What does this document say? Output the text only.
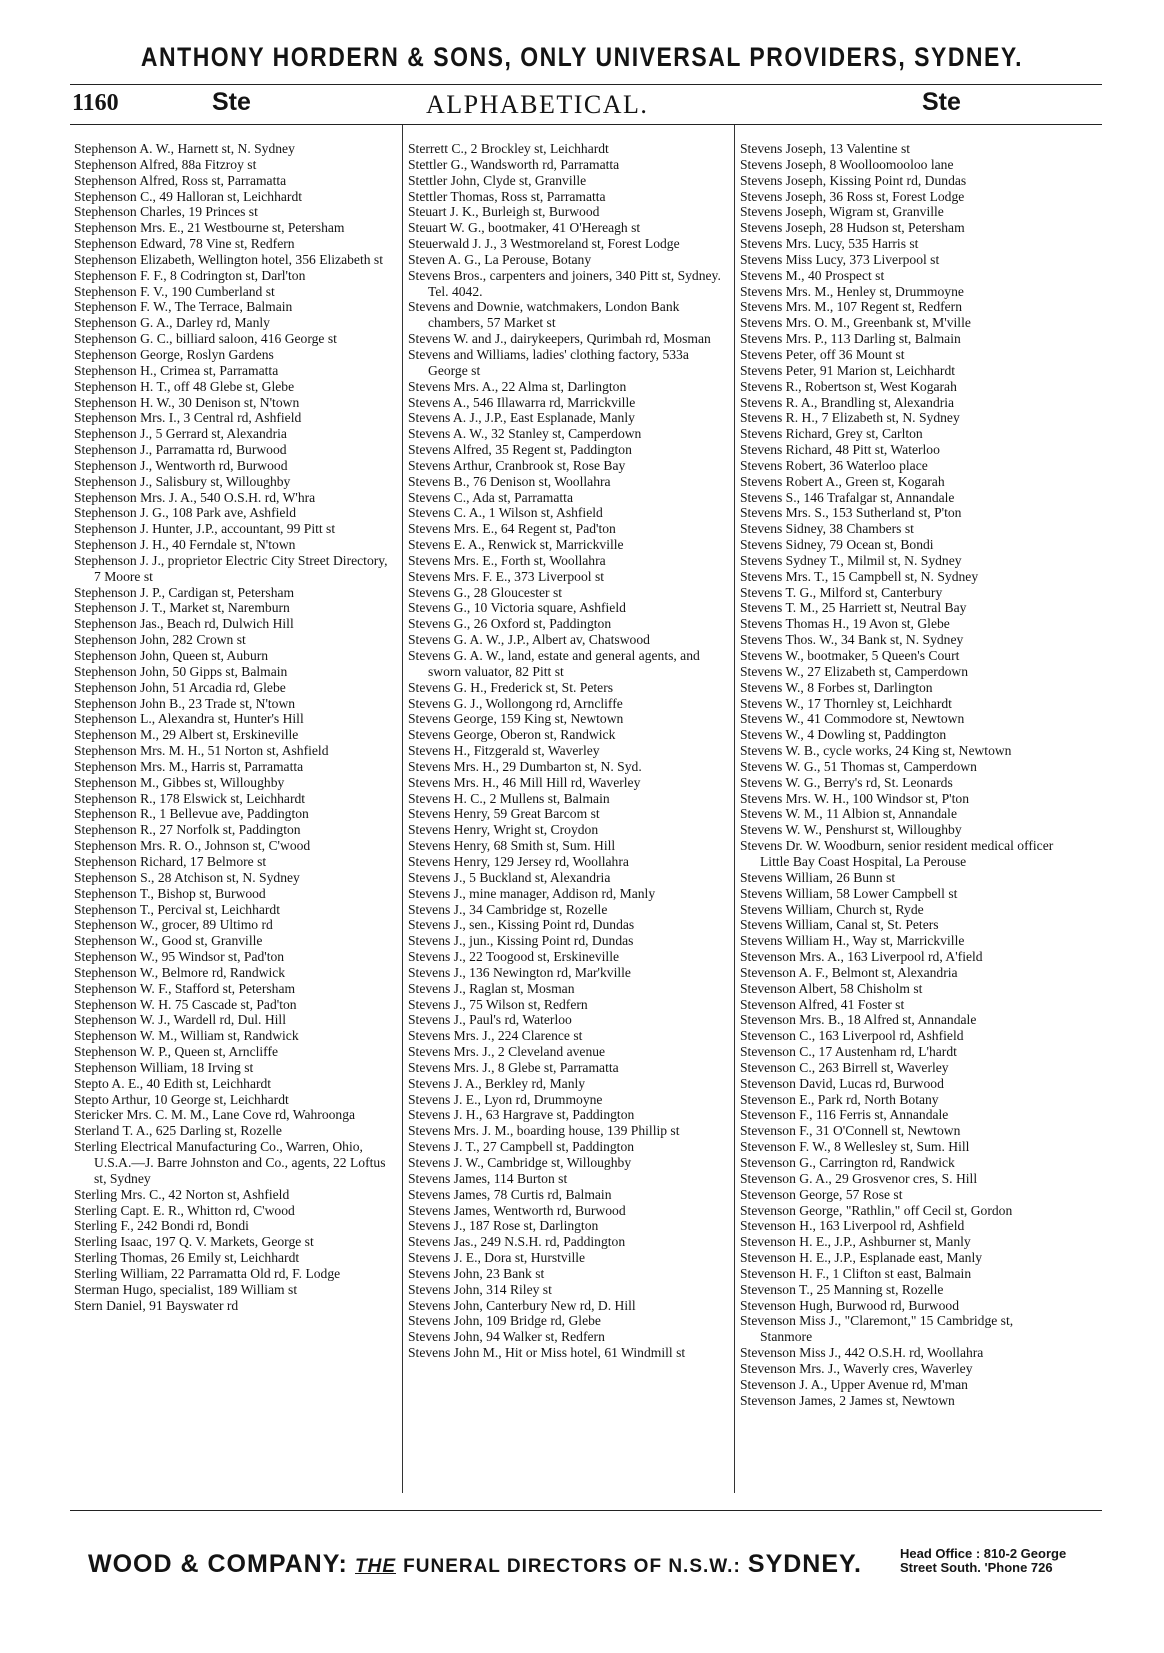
ANTHONY HORDERN & SONS, ONLY UNIVERSAL PROVIDERS, SYDNEY.
1160	Ste	ALPHABETICAL.	Ste
Stephenson A. W., Harnett st, N. Sydney
Stephenson Alfred, 88a Fitzroy st
Stephenson Alfred, Ross st, Parramatta
Stephenson C., 49 Halloran st, Leichhardt
Stephenson Charles, 19 Princes st
Stephenson Mrs. E., 21 Westbourne st, Petersham
Stephenson Edward, 78 Vine st, Redfern
Stephenson Elizabeth, Wellington hotel, 356 Elizabeth st
Stephenson F. F., 8 Codrington st, Darl'ton
Stephenson F. V., 190 Cumberland st
Stephenson F. W., The Terrace, Balmain
Stephenson G. A., Darley rd, Manly
Stephenson G. C., billiard saloon, 416 George st
Stephenson George, Roslyn Gardens
Stephenson H., Crimea st, Parramatta
Stephenson H. T., off 48 Glebe st, Glebe
Stephenson H. W., 30 Denison st, N'town
Stephenson Mrs. I., 3 Central rd, Ashfield
Stephenson J., 5 Gerrard st, Alexandria
Stephenson J., Parramatta rd, Burwood
Stephenson J., Wentworth rd, Burwood
Stephenson J., Salisbury st, Willoughby
Stephenson Mrs. J. A., 540 O.S.H. rd, W'hra
Stephenson J. G., 108 Park ave, Ashfield
Stephenson J. Hunter, J.P., accountant, 99 Pitt st
Stephenson J. H., 40 Ferndale st, N'town
Stephenson J. J., proprietor Electric City Street Directory, 7 Moore st
Stephenson J. P., Cardigan st, Petersham
Stephenson J. T., Market st, Naremburn
Stephenson Jas., Beach rd, Dulwich Hill
Stephenson John, 282 Crown st
Stephenson John, Queen st, Auburn
Stephenson John, 50 Gipps st, Balmain
Stephenson John, 51 Arcadia rd, Glebe
Stephenson John B., 23 Trade st, N'town
Stephenson L., Alexandra st, Hunter's Hill
Stephenson M., 29 Albert st, Erskineville
Stephenson Mrs. M. H., 51 Norton st, Ashfield
Stephenson Mrs. M., Harris st, Parramatta
Stephenson M., Gibbes st, Willoughby
Stephenson R., 178 Elswick st, Leichhardt
Stephenson R., 1 Bellevue ave, Paddington
Stephenson R., 27 Norfolk st, Paddington
Stephenson Mrs. R. O., Johnson st, C'wood
Stephenson Richard, 17 Belmore st
Stephenson S., 28 Atchison st, N. Sydney
Stephenson T., Bishop st, Burwood
Stephenson T., Percival st, Leichhardt
Stephenson W., grocer, 89 Ultimo rd
Stephenson W., Good st, Granville
Stephenson W., 95 Windsor st, Pad'ton
Stephenson W., Belmore rd, Randwick
Stephenson W. F., Stafford st, Petersham
Stephenson W. H. 75 Cascade st, Pad'ton
Stephenson W. J., Wardell rd, Dul. Hill
Stephenson W. M., William st, Randwick
Stephenson W. P., Queen st, Arncliffe
Stephenson William, 18 Irving st
Stepto A. E., 40 Edith st, Leichhardt
Stepto Arthur, 10 George st, Leichhardt
Stericker Mrs. C. M. M., Lane Cove rd, Wahroonga
Sterland T. A., 625 Darling st, Rozelle
Sterling Electrical Manufacturing Co., Warren, Ohio, U.S.A.—J. Barre Johnston and Co., agents, 22 Loftus st, Sydney
Sterling Mrs. C., 42 Norton st, Ashfield
Sterling Capt. E. R., Whitton rd, C'wood
Sterling F., 242 Bondi rd, Bondi
Sterling Isaac, 197 Q. V. Markets, George st
Sterling Thomas, 26 Emily st, Leichhardt
Sterling William, 22 Parramatta Old rd, F. Lodge
Sterman Hugo, specialist, 189 William st
Stern Daniel, 91 Bayswater rd
Sterrett C., 2 Brockley st, Leichhardt
Stettler G., Wandsworth rd, Parramatta
Stettler John, Clyde st, Granville
Stettler Thomas, Ross st, Parramatta
Steuart J. K., Burleigh st, Burwood
Steuart W. G., bootmaker, 41 O'Hereagh st
Steuerwald J. J., 3 Westmoreland st, Forest Lodge
Steven A. G., La Perouse, Botany
Stevens Bros., carpenters and joiners, 340 Pitt st, Sydney. Tel. 4042.
Stevens and Downie, watchmakers, London Bank chambers, 57 Market st
Stevens W. and J., dairykeepers, Qurimbah rd, Mosman
Stevens and Williams, ladies' clothing factory, 533a George st
Stevens Mrs. A., 22 Alma st, Darlington
Stevens A., 546 Illawarra rd, Marrickville
Stevens A. J., J.P., East Esplanade, Manly
Stevens A. W., 32 Stanley st, Camperdown
Stevens Alfred, 35 Regent st, Paddington
Stevens Arthur, Cranbrook st, Rose Bay
Stevens B., 76 Denison st, Woollahra
Stevens C., Ada st, Parramatta
Stevens C. A., 1 Wilson st, Ashfield
Stevens Mrs. E., 64 Regent st, Pad'ton
Stevens E. A., Renwick st, Marrickville
Stevens Mrs. E., Forth st, Woollahra
Stevens Mrs. F. E., 373 Liverpool st
Stevens G., 28 Gloucester st
Stevens G., 10 Victoria square, Ashfield
Stevens G., 26 Oxford st, Paddington
Stevens G. A. W., J.P., Albert av, Chatswood
Stevens G. A. W., land, estate and general agents, and sworn valuator, 82 Pitt st
Stevens G. H., Frederick st, St. Peters
Stevens G. J., Wollongong rd, Arncliffe
Stevens George, 159 King st, Newtown
Stevens George, Oberon st, Randwick
Stevens H., Fitzgerald st, Waverley
Stevens Mrs. H., 29 Dumbarton st, N. Syd.
Stevens Mrs. H., 46 Mill Hill rd, Waverley
Stevens H. C., 2 Mullens st, Balmain
Stevens Henry, 59 Great Barcom st
Stevens Henry, Wright st, Croydon
Stevens Henry, 68 Smith st, Sum. Hill
Stevens Henry, 129 Jersey rd, Woollahra
Stevens J., 5 Buckland st, Alexandria
Stevens J., mine manager, Addison rd, Manly
Stevens J., 34 Cambridge st, Rozelle
Stevens J., sen., Kissing Point rd, Dundas
Stevens J., jun., Kissing Point rd, Dundas
Stevens J., 22 Toogood st, Erskineville
Stevens J., 136 Newington rd, Mar'kville
Stevens J., Raglan st, Mosman
Stevens J., 75 Wilson st, Redfern
Stevens J., Paul's rd, Waterloo
Stevens Mrs. J., 224 Clarence st
Stevens Mrs. J., 2 Cleveland avenue
Stevens Mrs. J., 8 Glebe st, Parramatta
Stevens J. A., Berkley rd, Manly
Stevens J. E., Lyon rd, Drummoyne
Stevens J. H., 63 Hargrave st, Paddington
Stevens Mrs. J. M., boarding house, 139 Phillip st
Stevens J. T., 27 Campbell st, Paddington
Stevens J. W., Cambridge st, Willoughby
Stevens James, 114 Burton st
Stevens James, 78 Curtis rd, Balmain
Stevens James, Wentworth rd, Burwood
Stevens J., 187 Rose st, Darlington
Stevens Jas., 249 N.S.H. rd, Paddington
Stevens J. E., Dora st, Hurstville
Stevens John, 23 Bank st
Stevens John, 314 Riley st
Stevens John, Canterbury New rd, D. Hill
Stevens John, 109 Bridge rd, Glebe
Stevens John, 94 Walker st, Redfern
Stevens John M., Hit or Miss hotel, 61 Windmill st
Stevens Joseph, 13 Valentine st
Stevens Joseph, 8 Woolloomooloo lane
Stevens Joseph, Kissing Point rd, Dundas
Stevens Joseph, 36 Ross st, Forest Lodge
Stevens Joseph, Wigram st, Granville
Stevens Joseph, 28 Hudson st, Petersham
Stevens Mrs. Lucy, 535 Harris st
Stevens Miss Lucy, 373 Liverpool st
Stevens M., 40 Prospect st
Stevens Mrs. M., Henley st, Drummoyne
Stevens Mrs. M., 107 Regent st, Redfern
Stevens Mrs. O. M., Greenbank st, M'ville
Stevens Mrs. P., 113 Darling st, Balmain
Stevens Peter, off 36 Mount st
Stevens Peter, 91 Marion st, Leichhardt
Stevens R., Robertson st, West Kogarah
Stevens R. A., Brandling st, Alexandria
Stevens R. H., 7 Elizabeth st, N. Sydney
Stevens Richard, Grey st, Carlton
Stevens Richard, 48 Pitt st, Waterloo
Stevens Robert, 36 Waterloo place
Stevens Robert A., Green st, Kogarah
Stevens S., 146 Trafalgar st, Annandale
Stevens Mrs. S., 153 Sutherland st, P'ton
Stevens Sidney, 38 Chambers st
Stevens Sidney, 79 Ocean st, Bondi
Stevens Sydney T., Milmil st, N. Sydney
Stevens Mrs. T., 15 Campbell st, N. Sydney
Stevens T. G., Milford st, Canterbury
Stevens T. M., 25 Harriett st, Neutral Bay
Stevens Thomas H., 19 Avon st, Glebe
Stevens Thos. W., 34 Bank st, N. Sydney
Stevens W., bootmaker, 5 Queen's Court
Stevens W., 27 Elizabeth st, Camperdown
Stevens W., 8 Forbes st, Darlington
Stevens W., 17 Thornley st, Leichhardt
Stevens W., 41 Commodore st, Newtown
Stevens W., 4 Dowling st, Paddington
Stevens W. B., cycle works, 24 King st, Newtown
Stevens W. G., 51 Thomas st, Camperdown
Stevens W. G., Berry's rd, St. Leonards
Stevens Mrs. W. H., 100 Windsor st, P'ton
Stevens W. M., 11 Albion st, Annandale
Stevens W. W., Penshurst st, Willoughby
Stevens Dr. W. Woodburn, senior resident medical officer Little Bay Coast Hospital, La Perouse
Stevens William, 26 Bunn st
Stevens William, 58 Lower Campbell st
Stevens William, Church st, Ryde
Stevens William, Canal st, St. Peters
Stevens William H., Way st, Marrickville
Stevenson Mrs. A., 163 Liverpool rd, A'field
Stevenson A. F., Belmont st, Alexandria
Stevenson Albert, 58 Chisholm st
Stevenson Alfred, 41 Foster st
Stevenson Mrs. B., 18 Alfred st, Annandale
Stevenson C., 163 Liverpool rd, Ashfield
Stevenson C., 17 Austenham rd, L'hardt
Stevenson C., 263 Birrell st, Waverley
Stevenson David, Lucas rd, Burwood
Stevenson E., Park rd, North Botany
Stevenson F., 116 Ferris st, Annandale
Stevenson F., 31 O'Connell st, Newtown
Stevenson F. W., 8 Wellesley st, Sum. Hill
Stevenson G., Carrington rd, Randwick
Stevenson G. A., 29 Grosvenor cres, S. Hill
Stevenson George, 57 Rose st
Stevenson George, "Rathlin," off Cecil st, Gordon
Stevenson H., 163 Liverpool rd, Ashfield
Stevenson H. E., J.P., Ashburner st, Manly
Stevenson H. E., J.P., Esplanade east, Manly
Stevenson H. F., 1 Clifton st east, Balmain
Stevenson T., 25 Manning st, Rozelle
Stevenson Hugh, Burwood rd, Burwood
Stevenson Miss J., "Claremont," 15 Cambridge st, Stanmore
Stevenson Miss J., 442 O.S.H. rd, Woollahra
Stevenson Mrs. J., Waverly cres, Waverley
Stevenson J. A., Upper Avenue rd, M'man
Stevenson James, 2 James st, Newtown
WOOD & COMPANY: THE FUNERAL DIRECTORS OF N.S.W.: SYDNEY.	Head Office : 810-2 George
Street South. 'Phone 726
